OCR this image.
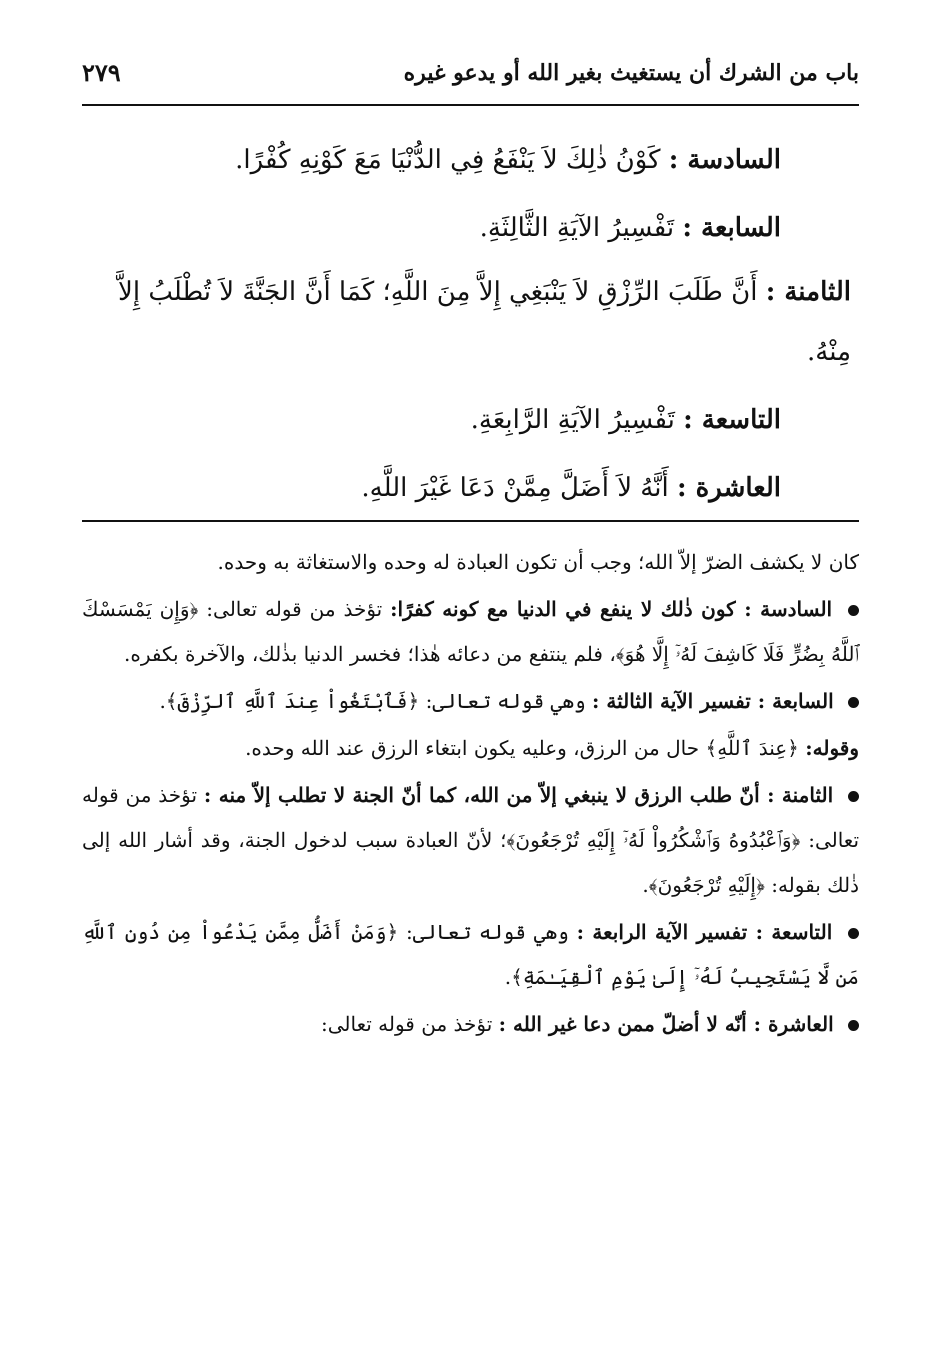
باب من الشرك أن يستغيث بغير الله أو يدعو غيره
٢٧٩
السادسة : كَوْنُ ذٰلِكَ لاَ يَنْفَعُ فِي الدُّنْيَا مَعَ كَوْنِهِ كُفْرًا.
السابعة : تَفْسِيرُ الآيَةِ الثَّالِثَةِ.
الثامنة : أَنَّ طَلَبَ الرِّزْقِ لاَ يَنْبَغِي إِلاَّ مِنَ اللَّهِ؛ كَمَا أَنَّ الجَنَّةَ لاَ تُطْلَبُ إِلاَّ مِنْهُ.
التاسعة : تَفْسِيرُ الآيَةِ الرَّابِعَةِ.
العاشرة : أَنَّهُ لاَ أَضَلَّ مِمَّنْ دَعَا غَيْرَ اللَّهِ.

كان لا يكشف الضرّ إلاّ الله؛ وجب أن تكون العبادة له وحده والاستغاثة به وحده.

السادسة : كون ذٰلك لا ينفع في الدنيا مع كونه كفرًا: تؤخذ من قوله تعالى: ﴿وَإِن يَمْسَسْكَ ٱللَّهُ بِضُرٍّ فَلَا كَاشِفَ لَهُۥٓ إِلَّا هُوَ﴾، فلم ينتفع من دعائه هٰذا؛ فخسر الدنيا بذٰلك، والآخرة بكفره.

السابعة : تفسير الآية الثالثة : وهي قوله تعالى: ﴿فَٱبْتَغُواْ عِندَ ٱللَّهِ ٱلرِّزْقَ﴾.

وقوله: ﴿عِندَ ٱللَّهِ﴾ حال من الرزق، وعليه يكون ابتغاء الرزق عند الله وحده.

الثامنة : أنّ طلب الرزق لا ينبغي إلاّ من الله، كما أنّ الجنة لا تطلب إلاّ منه : تؤخذ من قوله تعالى: ﴿وَٱعْبُدُوهُ وَٱشْكُرُواْ لَهُۥٓ إِلَيْهِ تُرْجَعُونَ﴾؛ لأنّ العبادة سبب لدخول الجنة، وقد أشار الله إلى ذٰلك بقوله: ﴿إِلَيْهِ تُرْجَعُونَ﴾.

التاسعة : تفسير الآية الرابعة : وهي قوله تعالى: ﴿وَمَنْ أَضَلُّ مِمَّن يَدْعُواْ مِن دُونِ ٱللَّهِ مَن لَّا يَسْتَجِيبُ لَهُۥٓ إِلَىٰ يَوْمِ ٱلْقِيَـٰمَةِ﴾.

العاشرة : أنّه لا أضلّ ممن دعا غير الله : تؤخذ من قوله تعالى:
